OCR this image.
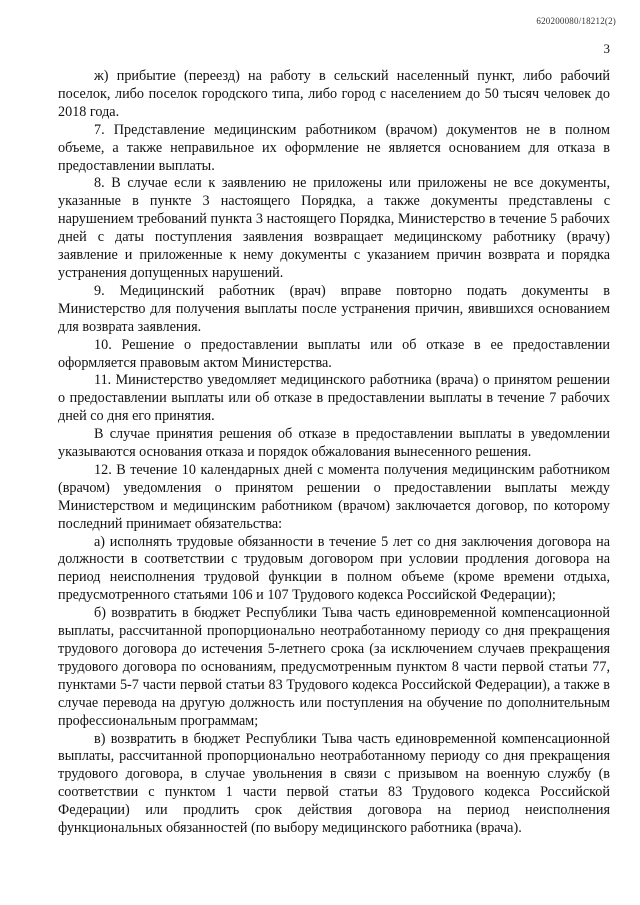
620200080/18212(2)
3

ж) прибытие (переезд) на работу в сельский населенный пункт, либо рабочий поселок, либо поселок городского типа, либо город с населением до 50 тысяч человек до 2018 года.

7. Представление медицинским работником (врачом) документов не в полном объеме, а также неправильное их оформление не является основанием для отказа в предоставлении выплаты.

8. В случае если к заявлению не приложены или приложены не все документы, указанные в пункте 3 настоящего Порядка, а также документы представлены с нарушением требований пункта 3 настоящего Порядка, Министерство в течение 5 рабочих дней с даты поступления заявления возвращает медицинскому работнику (врачу) заявление и приложенные к нему документы с указанием причин возврата и порядка устранения допущенных нарушений.

9. Медицинский работник (врач) вправе повторно подать документы в Министерство для получения выплаты после устранения причин, явившихся основанием для возврата заявления.

10. Решение о предоставлении выплаты или об отказе в ее предоставлении оформляется правовым актом Министерства.

11. Министерство уведомляет медицинского работника (врача) о принятом решении о предоставлении выплаты или об отказе в предоставлении выплаты в течение 7 рабочих дней со дня его принятия.

В случае принятия решения об отказе в предоставлении выплаты в уведомлении указываются основания отказа и порядок обжалования вынесенного решения.

12. В течение 10 календарных дней с момента получения медицинским работником (врачом) уведомления о принятом решении о предоставлении выплаты между Министерством и медицинским работником (врачом) заключается договор, по которому последний принимает обязательства:

а) исполнять трудовые обязанности в течение 5 лет со дня заключения договора на должности в соответствии с трудовым договором при условии продления договора на период неисполнения трудовой функции в полном объеме (кроме времени отдыха, предусмотренного статьями 106 и 107 Трудового кодекса Российской Федерации);

б) возвратить в бюджет Республики Тыва часть единовременной компенсационной выплаты, рассчитанной пропорционально неотработанному периоду со дня прекращения трудового договора до истечения 5-летнего срока (за исключением случаев прекращения трудового договора по основаниям, предусмотренным пунктом 8 части первой статьи 77, пунктами 5-7 части первой статьи 83 Трудового кодекса Российской Федерации), а также в случае перевода на другую должность или поступления на обучение по дополнительным профессиональным программам;

в) возвратить в бюджет Республики Тыва часть единовременной компенсационной выплаты, рассчитанной пропорционально неотработанному периоду со дня прекращения трудового договора, в случае увольнения в связи с призывом на военную службу (в соответствии с пунктом 1 части первой статьи 83 Трудового кодекса Российской Федерации) или продлить срок действия договора на период неисполнения функциональных обязанностей (по выбору медицинского работника (врача).
